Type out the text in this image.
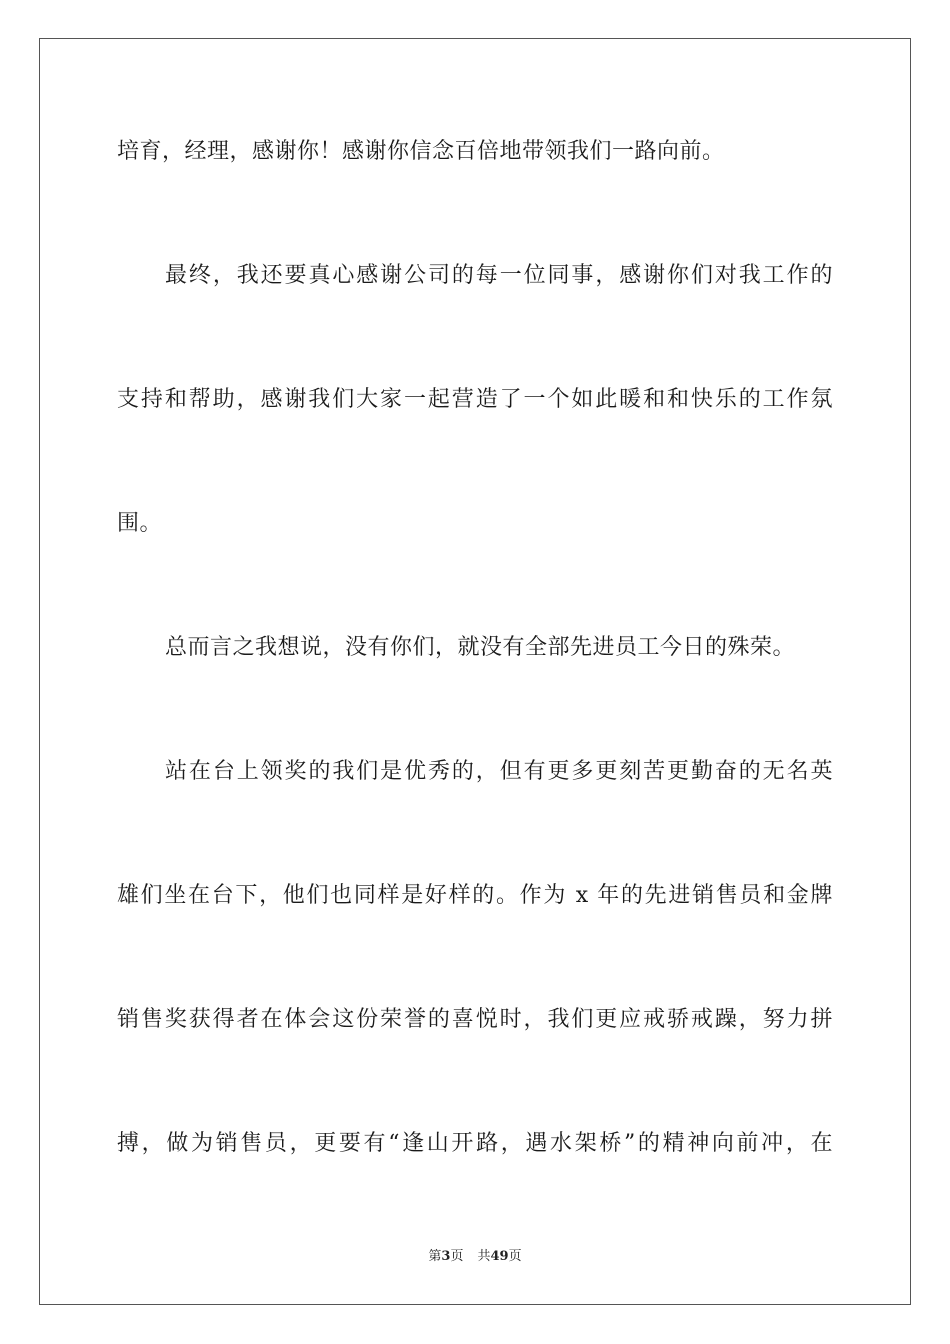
培育，经理，感谢你！感谢你信念百倍地带领我们一路向前。
最终，我还要真心感谢公司的每一位同事，感谢你们对我工作的
支持和帮助，感谢我们大家一起营造了一个如此暖和和快乐的工作氛
围。
总而言之我想说，没有你们，就没有全部先进员工今日的殊荣。
站在台上领奖的我们是优秀的，但有更多更刻苦更勤奋的无名英
雄们坐在台下，他们也同样是好样的。作为 x 年的先进销售员和金牌
销售奖获得者在体会这份荣誉的喜悦时，我们更应戒骄戒躁，努力拼
搏，做为销售员，更要有“逢山开路，遇水架桥”的精神向前冲，在
第3页 共49页
